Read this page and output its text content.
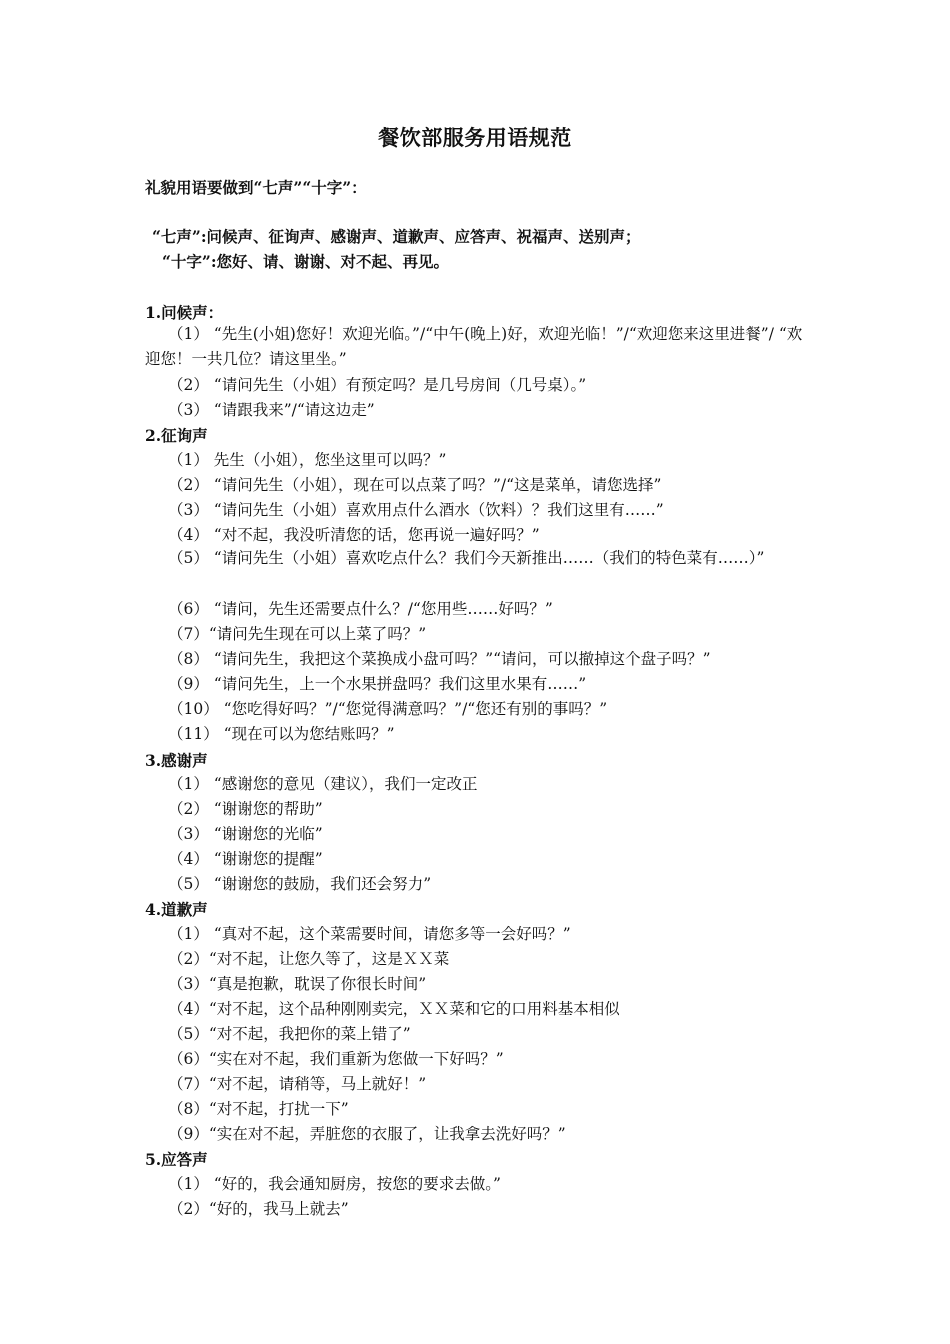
餐饮部服务用语规范
礼貌用语要做到“七声”“十字”：
“七声”:问候声、征询声、感谢声、道歉声、应答声、祝福声、送别声；
“十字”:您好、请、谢谢、对不起、再见。
1.问候声：
（1） “先生(小姐)您好！欢迎光临。”/“中午(晚上)好，欢迎光临！”/“欢迎您来这里进餐”/ “欢迎您！一共几位？请这里坐。”
（2） “请问先生（小姐）有预定吗？是几号房间（几号桌）。”
（3） “请跟我来”/“请这边走”
2.征询声
（1） 先生（小姐），您坐这里可以吗？”
（2） “请问先生（小姐），现在可以点菜了吗？”/“这是菜单，请您选择”
（3） “请问先生（小姐）喜欢用点什么酒水（饮料）？我们这里有……”
（4） “对不起，我没听清您的话，您再说一遍好吗？”
（5） “请问先生（小姐）喜欢吃点什么？我们今天新推出……（我们的特色菜有……）”
（6） “请问，先生还需要点什么？/“您用些……好吗？”
（7）“请问先生现在可以上菜了吗？”
（8） “请问先生，我把这个菜换成小盘可吗？”“请问，可以撤掉这个盘子吗？”
（9） “请问先生，上一个水果拼盘吗？我们这里水果有……”
（10） “您吃得好吗？”/“您觉得满意吗？”/“您还有别的事吗？”
（11） “现在可以为您结账吗？”
3.感谢声
（1） “感谢您的意见（建议），我们一定改正
（2） “谢谢您的帮助”
（3） “谢谢您的光临”
（4） “谢谢您的提醒”
（5） “谢谢您的鼓励，我们还会努力”
4.道歉声
（1） “真对不起，这个菜需要时间，请您多等一会好吗？”
（2）“对不起，让您久等了，这是ＸＸ菜
（3）“真是抱歉，耽误了你很长时间”
（4）“对不起，这个品种刚刚卖完，ＸＸ菜和它的口用料基本相似
（5）“对不起，我把你的菜上错了”
（6）“实在对不起，我们重新为您做一下好吗？”
（7）“对不起，请稍等，马上就好！”
（8）“对不起，打扰一下”
（9）“实在对不起，弄脏您的衣服了，让我拿去洗好吗？”
5.应答声
（1） “好的，我会通知厨房，按您的要求去做。”
（2）“好的，我马上就去”
